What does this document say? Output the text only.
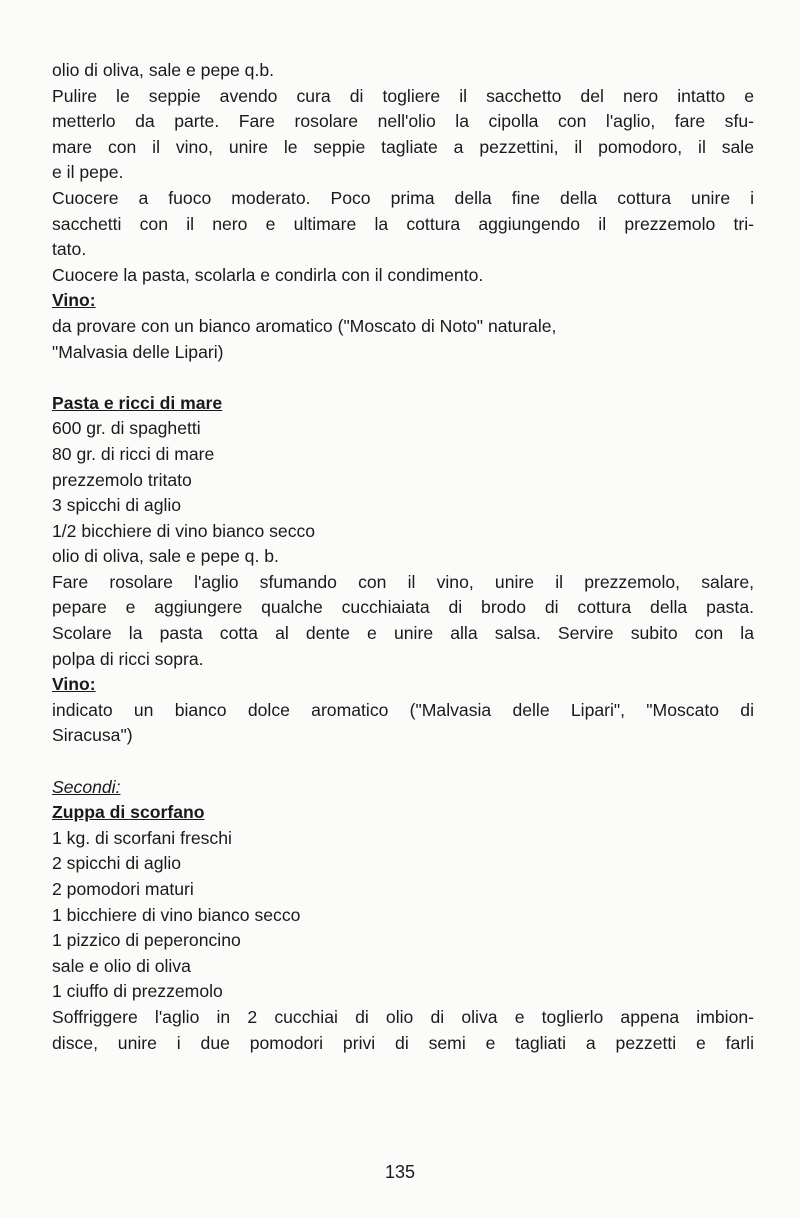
olio di oliva, sale e pepe q.b.
Pulire le seppie avendo cura di togliere il sacchetto del nero intatto e
metterlo da parte. Fare rosolare nell'olio la cipolla con l'aglio, fare sfu-
mare con il vino, unire le seppie tagliate a pezzettini, il pomodoro, il sale
e il pepe.
Cuocere a fuoco moderato. Poco prima della fine della cottura unire i
sacchetti con il nero e ultimare la cottura aggiungendo il prezzemolo tri-
tato.
Cuocere la pasta, scolarla e condirla con il condimento.
Vino:
da provare con un bianco aromatico ("Moscato di Noto" naturale,
"Malvasia delle Lipari)
Pasta e ricci di mare
600 gr. di spaghetti
80 gr. di ricci di mare
prezzemolo tritato
3 spicchi di aglio
1/2 bicchiere di vino bianco secco
olio di oliva, sale e pepe q. b.
Fare rosolare l'aglio sfumando con il vino, unire il prezzemolo, salare,
pepare e aggiungere qualche cucchiaiata di brodo di cottura della pasta.
Scolare la pasta cotta al dente e unire alla salsa. Servire subito con la
polpa di ricci sopra.
Vino:
indicato un bianco dolce aromatico ("Malvasia delle Lipari", "Moscato di
Siracusa")
Secondi:
Zuppa di scorfano
1 kg. di scorfani freschi
2 spicchi di aglio
2 pomodori maturi
1 bicchiere di vino bianco secco
1 pizzico di peperoncino
sale e olio di oliva
1 ciuffo di prezzemolo
Soffriggere l'aglio in 2 cucchiai di olio di oliva e toglierlo appena imbion-
disce, unire i due pomodori privi di semi e tagliati a pezzetti e farli
135
